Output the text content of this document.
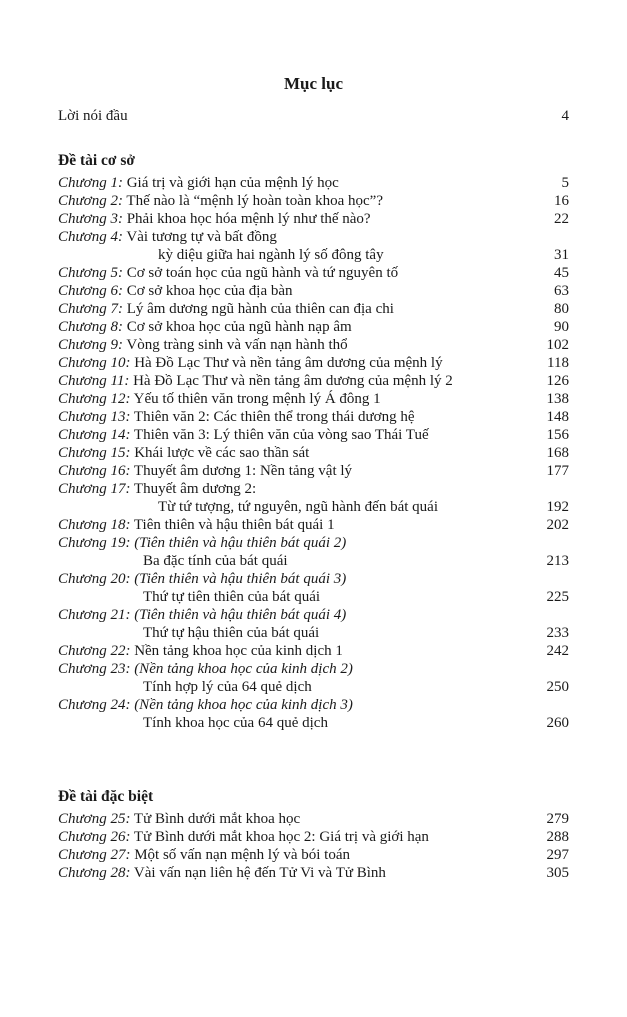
Mục lục
Lời nói đầu	4
Đề tài cơ sở
Đề tài đặc biệt
Chương 1: Giá trị và giới hạn của mệnh lý học	5
Chương 2: Thế nào là “mệnh lý hoàn toàn khoa học”?	16
Chương 3: Phải khoa học hóa mệnh lý như thế nào?	22
Chương 4: Vài tương tự và bất đồng
kỳ diệu giữa hai ngành lý số đông tây	31
Chương 5: Cơ sở toán học của ngũ hành và tứ nguyên tố	45
Chương 6: Cơ sở khoa học của địa bàn	63
Chương 7: Lý âm dương ngũ hành của thiên can địa chi	80
Chương 8: Cơ sở khoa học của ngũ hành nạp âm	90
Chương 9: Vòng tràng sinh và vấn nạn hành thổ	102
Chương 10: Hà Đồ Lạc Thư và nền tảng âm dương của mệnh lý	118
Chương 11: Hà Đồ Lạc Thư và nền tảng âm dương của mệnh lý 2	126
Chương 12: Yếu tố thiên văn trong mệnh lý Á đông 1	138
Chương 13: Thiên văn 2: Các thiên thể trong thái dương hệ	148
Chương 14: Thiên văn 3: Lý thiên văn của vòng sao Thái Tuế	156
Chương 15: Khái lược về các sao thần sát	168
Chương 16: Thuyết âm dương 1: Nền tảng vật lý	177
Chương 17: Thuyết âm dương 2:
Từ tứ tượng, tứ nguyên, ngũ hành đến bát quái	192
Chương 18: Tiên thiên và hậu thiên bát quái 1	202
Chương 19: (Tiên thiên và hậu thiên bát quái 2)
Ba đặc tính của bát quái	213
Chương 20: (Tiên thiên và hậu thiên bát quái 3)
Thứ tự tiên thiên của bát quái	225
Chương 21: (Tiên thiên và hậu thiên bát quái 4)
Thứ tự hậu thiên của bát quái	233
Chương 22: Nền tảng khoa học của kinh dịch 1	242
Chương 23: (Nền tảng khoa học của kinh dịch 2)
Tính hợp lý của 64 quẻ dịch	250
Chương 24: (Nền tảng khoa học của kinh dịch 3)
Tính khoa học của 64 quẻ dịch	260
Chương 25: Tử Bình dưới mắt khoa học	279
Chương 26: Tử Bình dưới mắt khoa học 2: Giá trị và giới hạn	288
Chương 27: Một số vấn nạn mệnh lý và bói toán	297
Chương 28: Vài vấn nạn liên hệ đến Tử Vi và Tử Bình	305
